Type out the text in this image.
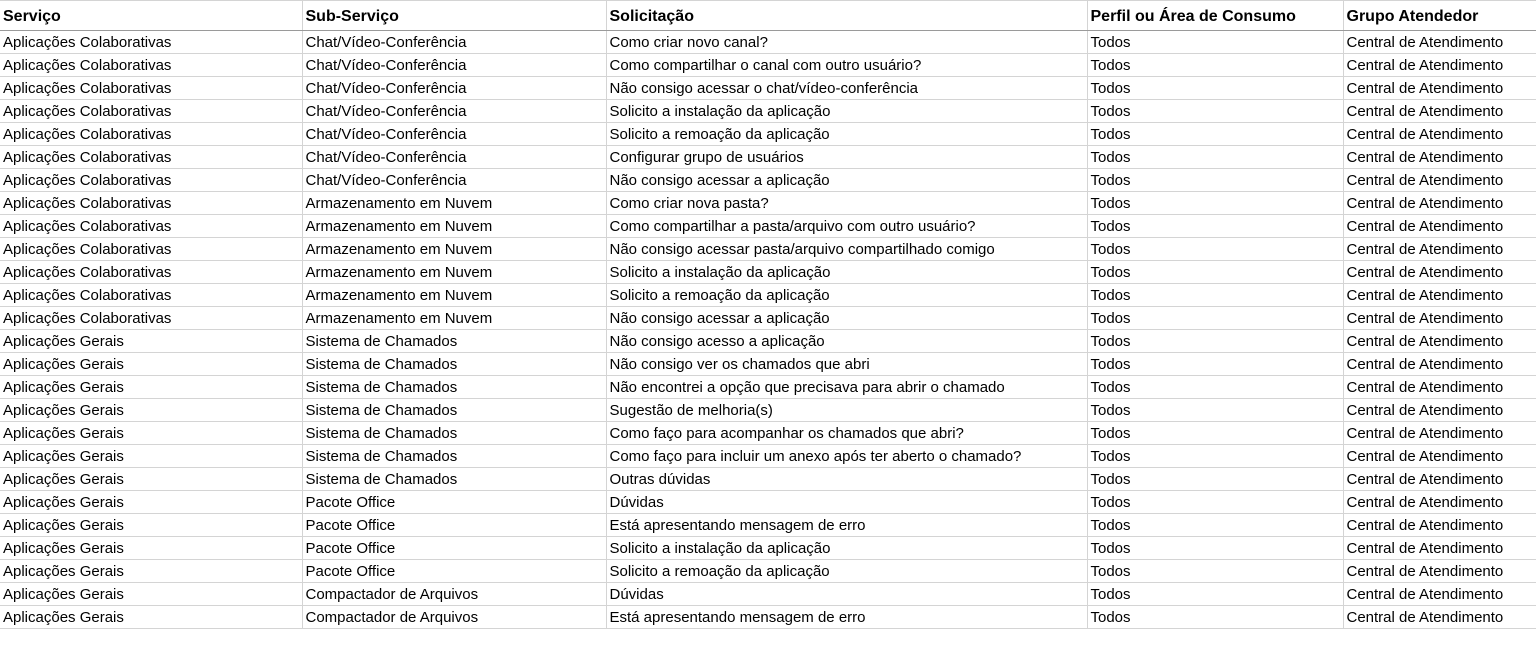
Serviço	Sub-Serviço	Solicitação	Perfil ou Área de Consumo	Grupo Atendedor
Aplicações Colaborativas	Chat/Vídeo-Conferência	Como criar novo canal?	Todos	Central de Atendimento
Aplicações Colaborativas	Chat/Vídeo-Conferência	Como compartilhar o canal com outro usuário?	Todos	Central de Atendimento
Aplicações Colaborativas	Chat/Vídeo-Conferência	Não consigo acessar o chat/vídeo-conferência	Todos	Central de Atendimento
Aplicações Colaborativas	Chat/Vídeo-Conferência	Solicito a instalação da aplicação	Todos	Central de Atendimento
Aplicações Colaborativas	Chat/Vídeo-Conferência	Solicito a remoação da aplicação	Todos	Central de Atendimento
Aplicações Colaborativas	Chat/Vídeo-Conferência	Configurar grupo de usuários	Todos	Central de Atendimento
Aplicações Colaborativas	Chat/Vídeo-Conferência	Não consigo acessar a aplicação	Todos	Central de Atendimento
Aplicações Colaborativas	Armazenamento em Nuvem	Como criar nova pasta?	Todos	Central de Atendimento
Aplicações Colaborativas	Armazenamento em Nuvem	Como compartilhar a pasta/arquivo com outro usuário?	Todos	Central de Atendimento
Aplicações Colaborativas	Armazenamento em Nuvem	Não consigo acessar pasta/arquivo compartilhado comigo	Todos	Central de Atendimento
Aplicações Colaborativas	Armazenamento em Nuvem	Solicito a instalação da aplicação	Todos	Central de Atendimento
Aplicações Colaborativas	Armazenamento em Nuvem	Solicito a remoação da aplicação	Todos	Central de Atendimento
Aplicações Colaborativas	Armazenamento em Nuvem	Não consigo acessar a aplicação	Todos	Central de Atendimento
Aplicações Gerais	Sistema de Chamados	Não consigo acesso a aplicação	Todos	Central de Atendimento
Aplicações Gerais	Sistema de Chamados	Não consigo ver os chamados que abri	Todos	Central de Atendimento
Aplicações Gerais	Sistema de Chamados	Não encontrei a opção que precisava para abrir o chamado	Todos	Central de Atendimento
Aplicações Gerais	Sistema de Chamados	Sugestão de melhoria(s)	Todos	Central de Atendimento
Aplicações Gerais	Sistema de Chamados	Como faço para acompanhar os chamados que abri?	Todos	Central de Atendimento
Aplicações Gerais	Sistema de Chamados	Como faço para incluir um anexo após ter aberto o chamado?	Todos	Central de Atendimento
Aplicações Gerais	Sistema de Chamados	Outras dúvidas	Todos	Central de Atendimento
Aplicações Gerais	Pacote Office	Dúvidas	Todos	Central de Atendimento
Aplicações Gerais	Pacote Office	Está apresentando mensagem de erro	Todos	Central de Atendimento
Aplicações Gerais	Pacote Office	Solicito a instalação da aplicação	Todos	Central de Atendimento
Aplicações Gerais	Pacote Office	Solicito a remoação da aplicação	Todos	Central de Atendimento
Aplicações Gerais	Compactador de Arquivos	Dúvidas	Todos	Central de Atendimento
Aplicações Gerais	Compactador de Arquivos	Está apresentando mensagem de erro	Todos	Central de Atendimento
